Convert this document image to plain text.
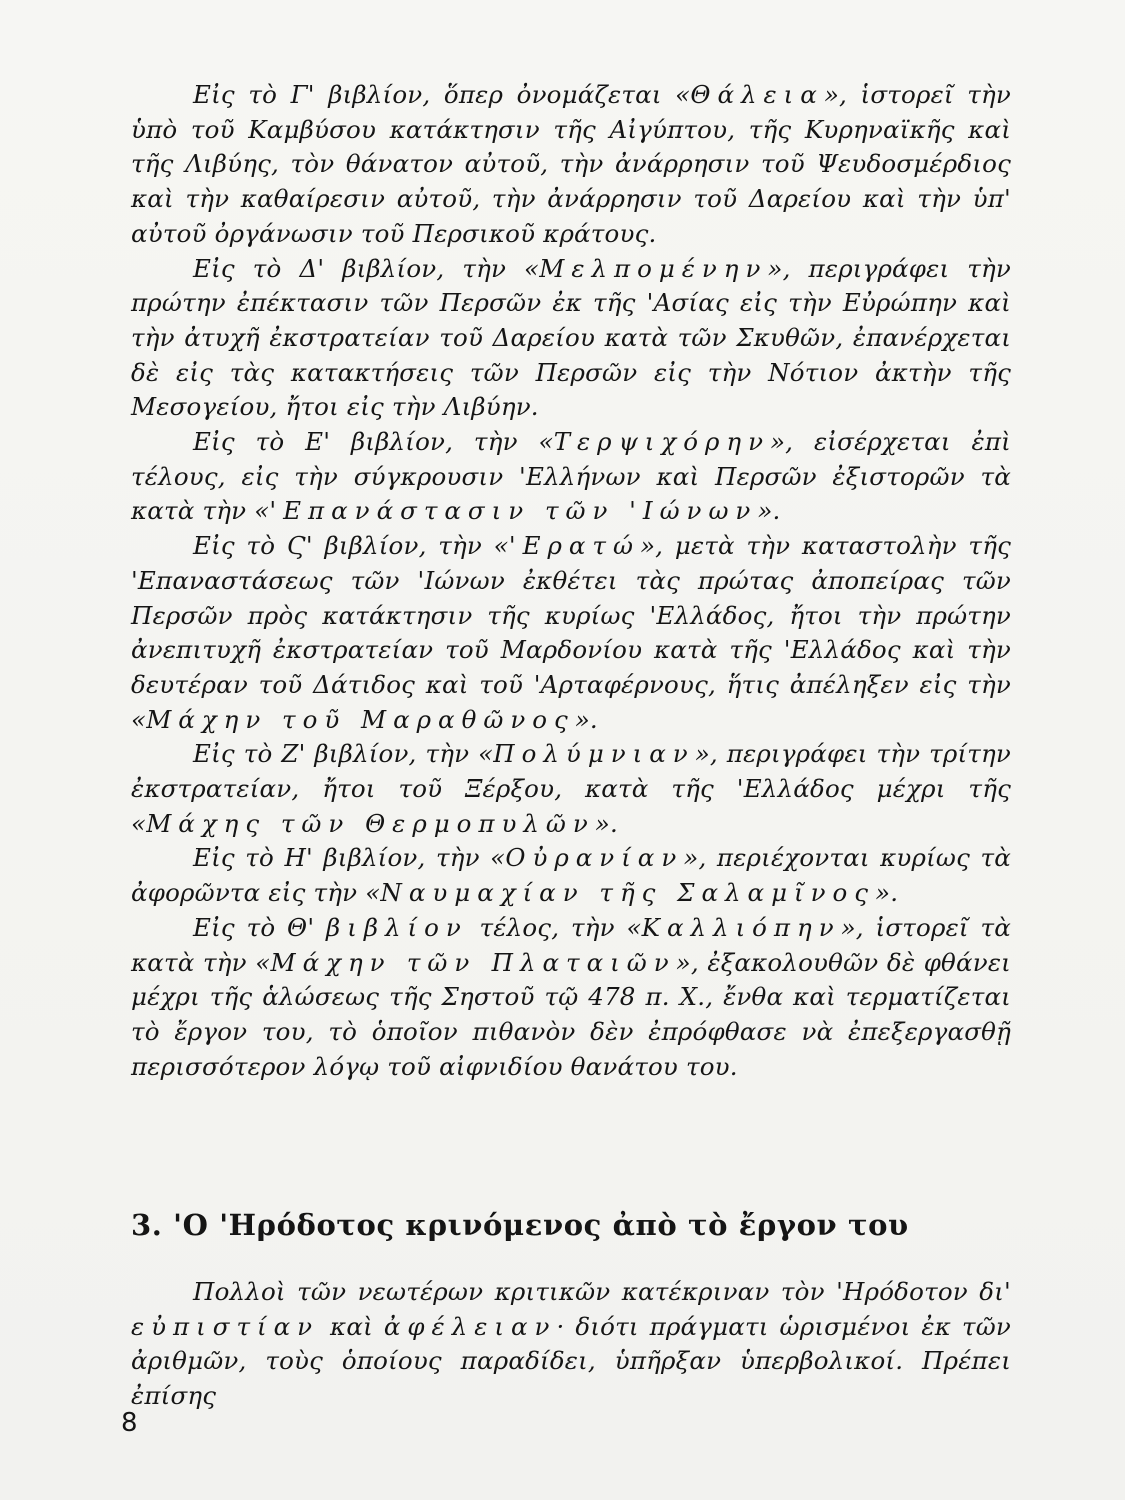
Εἰς τὸ Γ' βιβλίον, ὅπερ ὀνομάζεται «Θάλεια», ἱστορεῖ τὴν ὑπὸ τοῦ Καμβύσου κατάκτησιν τῆς Αἰγύπτου, τῆς Κυρηναϊκῆς καὶ τῆς Λιβύης, τὸν θάνατον αὐτοῦ, τὴν ἀνάρρησιν τοῦ Ψευδοσμέρδιος καὶ τὴν καθαίρεσιν αὐτοῦ, τὴν ἀνάρρησιν τοῦ Δαρείου καὶ τὴν ὑπ' αὐτοῦ ὀργάνωσιν τοῦ Περσικοῦ κράτους.

Εἰς τὸ Δ' βιβλίον, τὴν «Μελπομένην», περιγράφει τὴν πρώτην ἐπέκτασιν τῶν Περσῶν ἐκ τῆς 'Ασίας εἰς τὴν Εὐρώπην καὶ τὴν ἀτυχῆ ἐκστρατείαν τοῦ Δαρείου κατὰ τῶν Σκυθῶν, ἐπανέρχεται δὲ εἰς τὰς κατακτήσεις τῶν Περσῶν εἰς τὴν Νότιον ἀκτὴν τῆς Μεσογείου, ἤτοι εἰς τὴν Λιβύην.

Εἰς τὸ Ε' βιβλίον, τὴν «Τερψιχόρην», εἰσέρχεται ἐπὶ τέλους, εἰς τὴν σύγκρουσιν 'Ελλήνων καὶ Περσῶν ἐξιστορῶν τὰ κατὰ τὴν «'Επανάστασιν τῶν 'Ιώνων».

Εἰς τὸ Ϛ' βιβλίον, τὴν «'Ερατώ», μετὰ τὴν καταστολὴν τῆς 'Επαναστάσεως τῶν 'Ιώνων ἐκθέτει τὰς πρώτας ἀποπείρας τῶν Περσῶν πρὸς κατάκτησιν τῆς κυρίως 'Ελλάδος, ἤτοι τὴν πρώτην ἀνεπιτυχῆ ἐκστρατείαν τοῦ Μαρδονίου κατὰ τῆς 'Ελλάδος καὶ τὴν δευτέραν τοῦ Δάτιδος καὶ τοῦ 'Αρταφέρνους, ἥτις ἀπέληξεν εἰς τὴν «Μάχην τοῦ Μαραθῶνος».

Εἰς τὸ Ζ' βιβλίον, τὴν «Πολύμνιαν», περιγράφει τὴν τρίτην ἐκστρατείαν, ἤτοι τοῦ Ξέρξου, κατὰ τῆς 'Ελλάδος μέχρι τῆς «Μάχης τῶν Θερμοπυλῶν».

Εἰς τὸ Η' βιβλίον, τὴν «Οὐρανίαν», περιέχονται κυρίως τὰ ἀφορῶντα εἰς τὴν «Ναυμαχίαν τῆς Σαλαμῖνος».

Εἰς τὸ Θ' βιβλίον τέλος, τὴν «Καλλιόπην», ἱστορεῖ τὰ κατὰ τὴν «Μάχην τῶν Πλαταιῶν», ἐξακολουθῶν δὲ φθάνει μέχρι τῆς ἁλώσεως τῆς Σηστοῦ τῷ 478 π. Χ., ἔνθα καὶ τερματίζεται τὸ ἔργον του, τὸ ὁποῖον πιθανὸν δὲν ἐπρόφθασε νὰ ἐπεξεργασθῇ περισσότερον λόγῳ τοῦ αἰφνιδίου θανάτου του.

3. 'Ο 'Ηρόδοτος κρινόμενος ἀπὸ τὸ ἔργον του

Πολλοὶ τῶν νεωτέρων κριτικῶν κατέκριναν τὸν 'Ηρόδοτον δι' εὐπιστίαν καὶ ἀφέλειαν· διότι πράγματι ὡρισμένοι ἐκ τῶν ἀριθμῶν, τοὺς ὁποίους παραδίδει, ὑπῆρξαν ὑπερβολικοί. Πρέπει ἐπίσης

8
